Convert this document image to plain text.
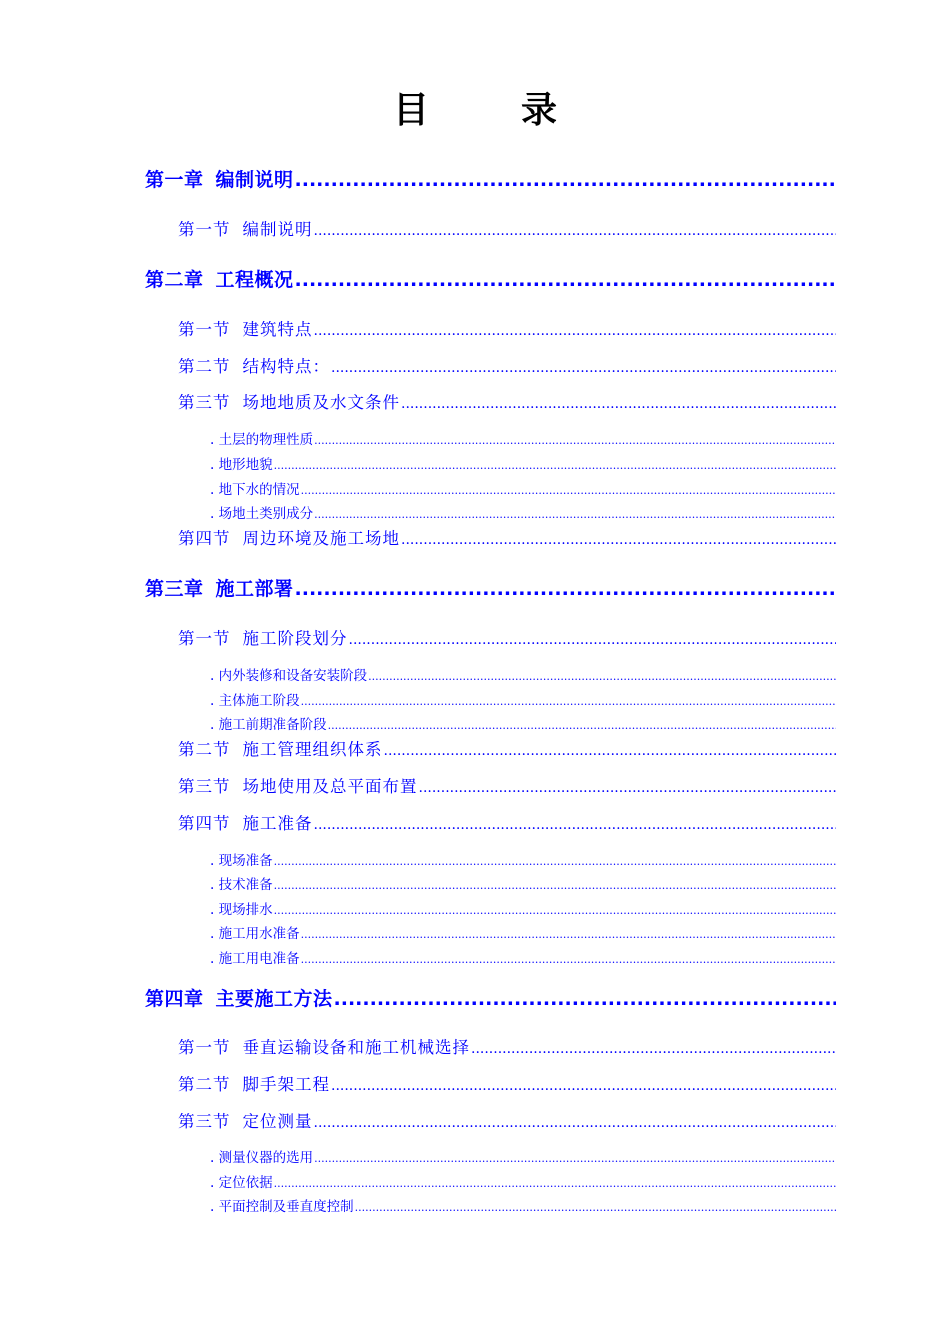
目	录
第一章 编制说明
.....
第一节 编制说明
.....
第二章 工程概况
.....
第一节 建筑特点
.....
第二节 结构特点：
.....
第三节 场地地质及水文条件
.....
. 土层的物理性质
.....
. 地形地貌
.....
. 地下水的情况
.....
. 场地土类别成分
.....
第四节 周边环境及施工场地
.....
第三章 施工部署
.....
第一节 施工阶段划分
.....
. 内外装修和设备安装阶段
.....
. 主体施工阶段
.....
. 施工前期准备阶段
.....
第二节 施工管理组织体系
.....
第三节 场地使用及总平面布置
.....
第四节 施工准备
.....
. 现场准备
.....
. 技术准备
.....
. 现场排水
.....
. 施工用水准备
.....
. 施工用电准备
.....
第四章 主要施工方法
.....
第一节 垂直运输设备和施工机械选择
.....
第二节 脚手架工程
.....
第三节 定位测量
.....
. 测量仪器的选用
.....
. 定位依据
.....
. 平面控制及垂直度控制
.....
